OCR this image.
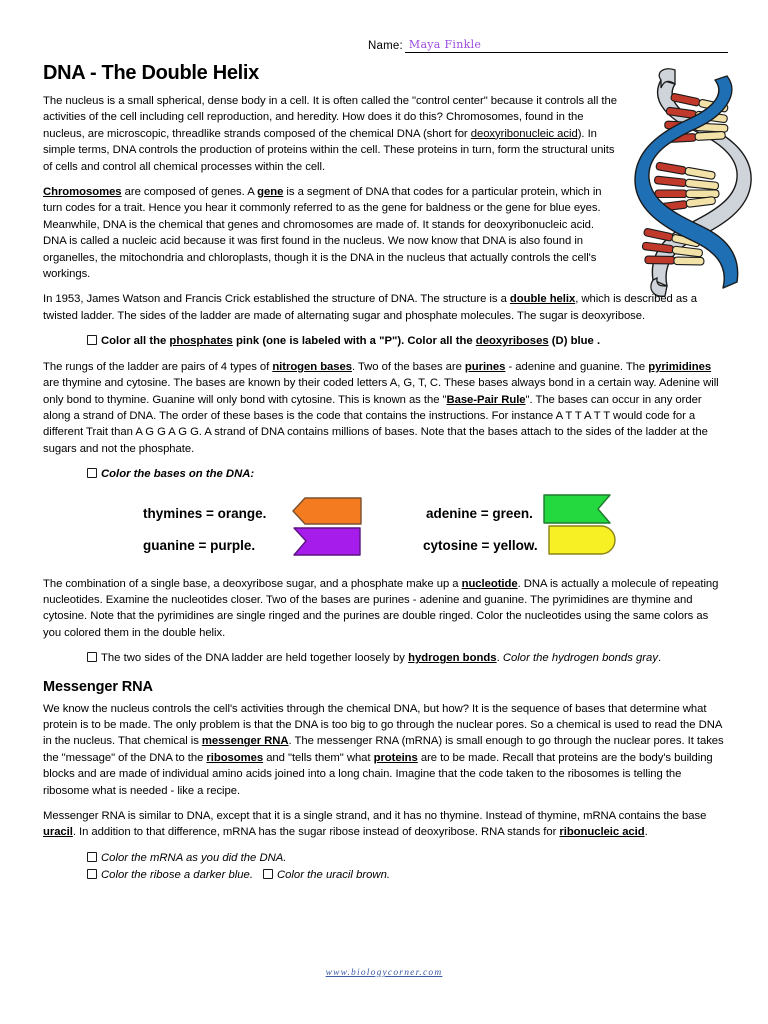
Name: Maya Finkle
DNA - The Double Helix

The nucleus is a small spherical, dense body in a cell. It is often called the "control center" because it controls all the activities of the cell including cell reproduction, and heredity. How does it do this? Chromosomes, found in the nucleus, are microscopic, threadlike strands composed of the chemical DNA (short for deoxyribonucleic acid). In simple terms, DNA controls the production of proteins within the cell. These proteins in turn, form the structural units of cells and control all chemical processes within the cell.

Chromosomes are composed of genes. A gene is a segment of DNA that codes for a particular protein, which in turn codes for a trait. Hence you hear it commonly referred to as the gene for baldness or the gene for blue eyes. Meanwhile, DNA is the chemical that genes and chromosomes are made of. It stands for deoxyribonucleic acid. DNA is called a nucleic acid because it was first found in the nucleus. We now know that DNA is also found in organelles, the mitochondria and chloroplasts, though it is the DNA in the nucleus that actually controls the cell's workings.

In 1953, James Watson and Francis Crick established the structure of DNA. The structure is a double helix, which is described as a twisted ladder. The sides of the ladder are made of alternating sugar and phosphate molecules. The sugar is deoxyribose.

Color all the phosphates pink (one is labeled with a "P"). Color all the deoxyriboses (D) blue .

The rungs of the ladder are pairs of 4 types of nitrogen bases. Two of the bases are purines - adenine and guanine. The pyrimidines are thymine and cytosine. The bases are known by their coded letters A, G, T, C. These bases always bond in a certain way. Adenine will only bond to thymine. Guanine will only bond with cytosine. This is known as the "Base-Pair Rule". The bases can occur in any order along a strand of DNA. The order of these bases is the code that contains the instructions. For instance A T T A T T would code for a different Trait than A G G A G G. A strand of DNA contains millions of bases. Note that the bases attach to the sides of the ladder at the sugars and not the phosphate.

Color the bases on the DNA:

thymines = orange.	adenine = green.
guanine = purple.	cytosine = yellow.

The combination of a single base, a deoxyribose sugar, and a phosphate make up a nucleotide. DNA is actually a molecule of repeating nucleotides. Examine the nucleotides closer. Two of the bases are purines - adenine and guanine. The pyrimidines are thymine and cytosine. Note that the pyrimidines are single ringed and the purines are double ringed. Color the nucleotides using the same colors as you colored them in the double helix.

The two sides of the DNA ladder are held together loosely by hydrogen bonds. Color the hydrogen bonds gray.

Messenger RNA

We know the nucleus controls the cell's activities through the chemical DNA, but how? It is the sequence of bases that determine what protein is to be made. The only problem is that the DNA is too big to go through the nuclear pores. So a chemical is used to read the DNA in the nucleus. That chemical is messenger RNA. The messenger RNA (mRNA) is small enough to go through the nuclear pores. It takes the "message" of the DNA to the ribosomes and "tells them" what proteins are to be made. Recall that proteins are the body's building blocks and are made of individual amino acids joined into a long chain. Imagine that the code taken to the ribosomes is telling the ribosome what is needed - like a recipe.

Messenger RNA is similar to DNA, except that it is a single strand, and it has no thymine. Instead of thymine, mRNA contains the base uracil. In addition to that difference, mRNA has the sugar ribose instead of deoxyribose. RNA stands for ribonucleic acid.

Color the mRNA as you did the DNA.

Color the ribose a darker blue. Color the uracil brown.

www.biologycorner.com
